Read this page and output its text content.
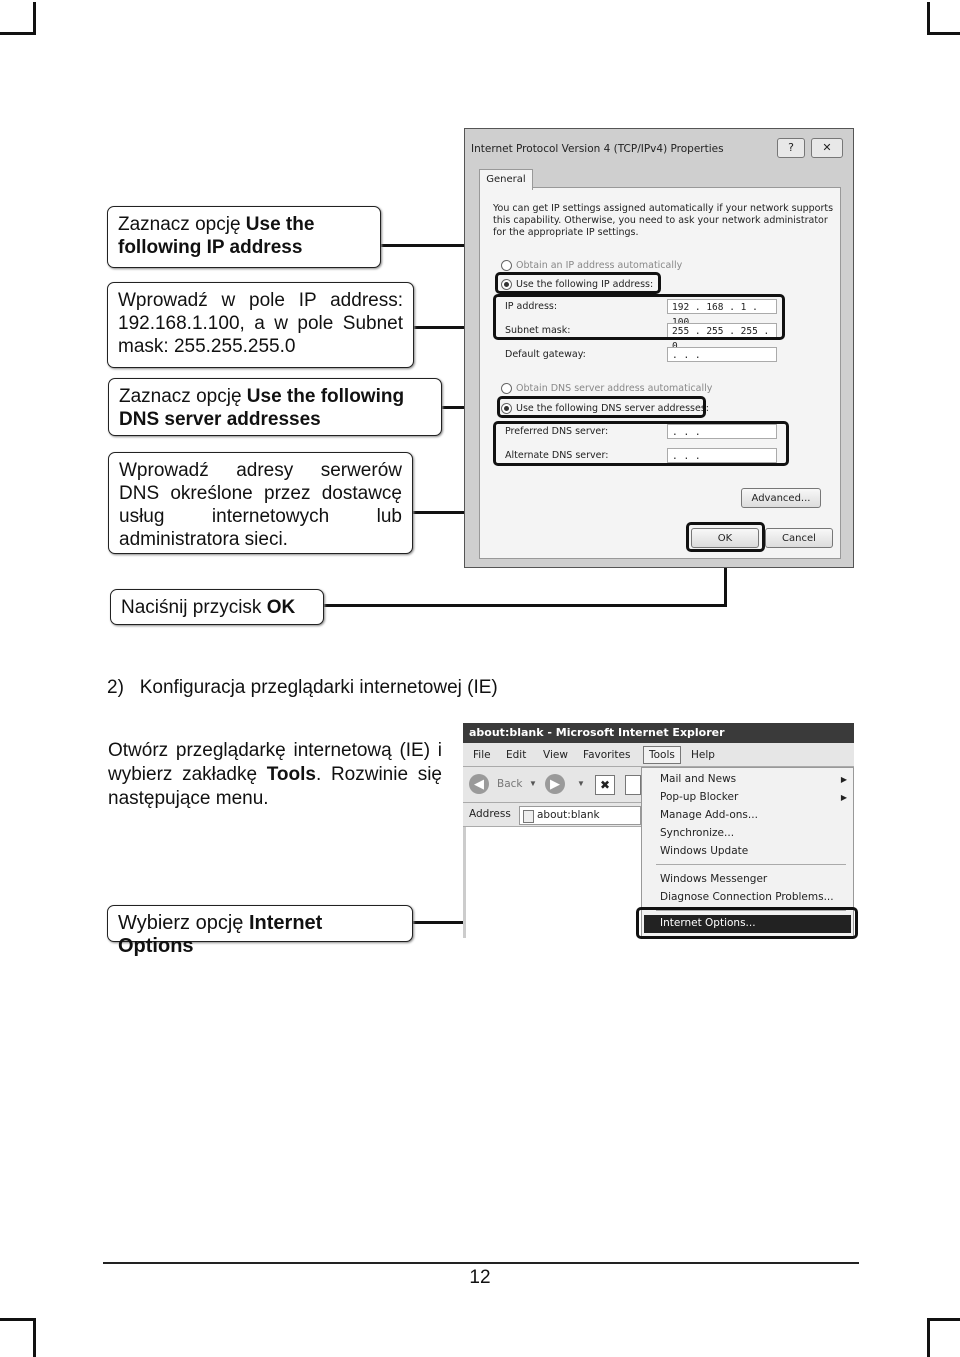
Zaznacz opcję Use the following IP address
Wprowadź w pole IP address: 192.168.1.100, a w pole Subnet mask: 255.255.255.0
Zaznacz opcję Use the following DNS server addresses
Wprowadź adresy serwerów DNS określone przez dostawcę usług internetowych lub administratora sieci.
Naciśnij przycisk OK
Wybierz opcję Internet Options
Internet Protocol Version 4 (TCP/IPv4) Properties	?	✕
General
You can get IP settings assigned automatically if your network supports
this capability. Otherwise, you need to ask your network administrator
for the appropriate IP settings.
Obtain an IP address automatically
Use the following IP address:
IP address:	192 . 168 . 1 .
Subnet mask:	255 . 255 . 255 .
Default gateway:	. . .
Obtain DNS server address automatically
Use the following DNS server addresses:
Preferred DNS server:	. . .
Alternate DNS server:	. . .
Advanced...
OK	Cancel
2)   Konfiguracja przeglądarki internetowej (IE)
Otwórz przeglądarkę internetową (IE) i wybierz zakładkę Tools. Rozwinie się następujące menu.
about:blank - Microsoft Internet Explorer
File Edit View Favorites	Tools	Help
◀	Back ▼	▶	▼	✖
Address about:blank
Mail and News	▶
Pop-up Blocker	▶
Manage Add-ons...
Synchronize...
Windows Update
Windows Messenger
Diagnose Connection Problems...
Internet Options...
12
